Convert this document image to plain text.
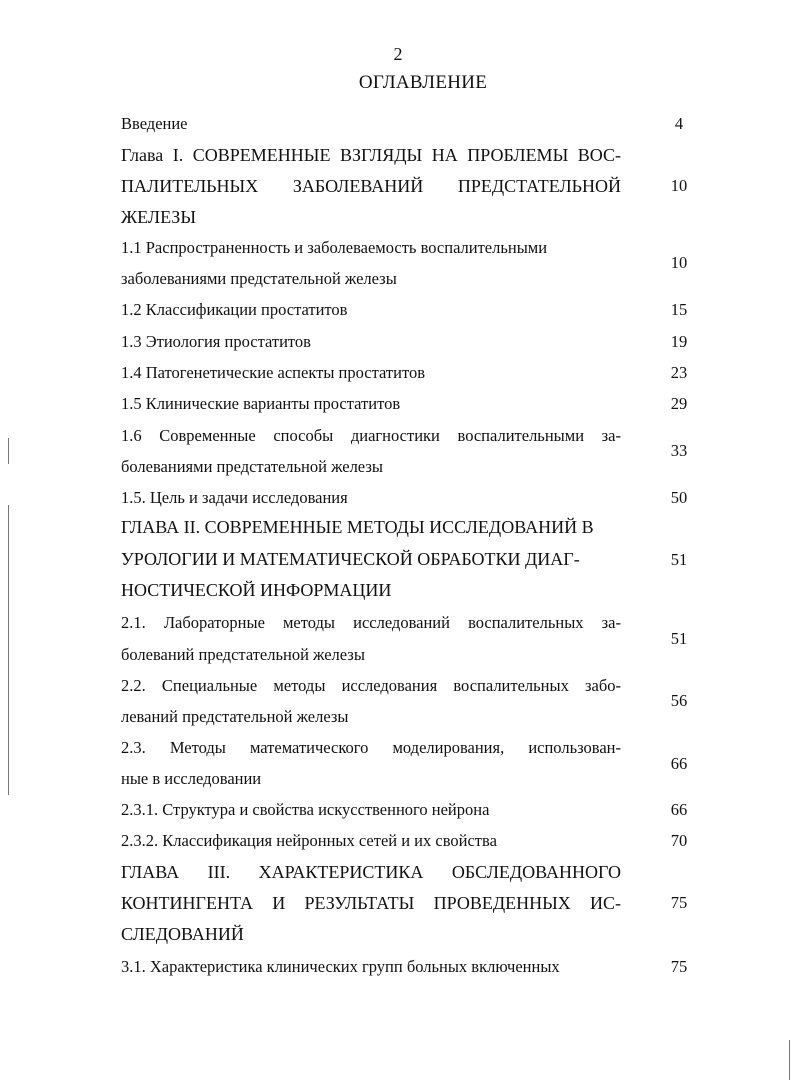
2
ОГЛАВЛЕНИЕ
Введение	4
Глава I. СОВРЕМЕННЫЕ ВЗГЛЯДЫ НА ПРОБЛЕМЫ ВОС-
ПАЛИТЕЛЬНЫХ ЗАБОЛЕВАНИЙ ПРЕДСТАТЕЛЬНОЙ
ЖЕЛЕЗЫ
10
1.1 Распространенность и заболеваемость воспалительными
заболеваниями предстательной железы
10
1.2 Классификации простатитов	15
1.3 Этиология простатитов	19
1.4 Патогенетические аспекты простатитов	23
1.5 Клинические варианты простатитов	29
1.6 Современные способы диагностики воспалительными за-
болеваниями предстательной железы
33
1.5. Цель и задачи исследования	50
ГЛАВА II. СОВРЕМЕННЫЕ МЕТОДЫ ИССЛЕДОВАНИЙ В
УРОЛОГИИ И МАТЕМАТИЧЕСКОЙ ОБРАБОТКИ ДИАГ-
НОСТИЧЕСКОЙ ИНФОРМАЦИИ
51
2.1. Лабораторные методы исследований воспалительных за-
болеваний предстательной железы
51
2.2. Специальные методы исследования воспалительных забо-
леваний предстательной железы
56
2.3. Методы математического моделирования, использован-
ные в исследовании
66
2.3.1. Структура и свойства искусственного нейрона	66
2.3.2. Классификация нейронных сетей и их свойства	70
ГЛАВА III. ХАРАКТЕРИСТИКА ОБСЛЕДОВАННОГО
КОНТИНГЕНТА И РЕЗУЛЬТАТЫ ПРОВЕДЕННЫХ ИС-
СЛЕДОВАНИЙ
75
3.1. Характеристика клинических групп больных включенных	75
